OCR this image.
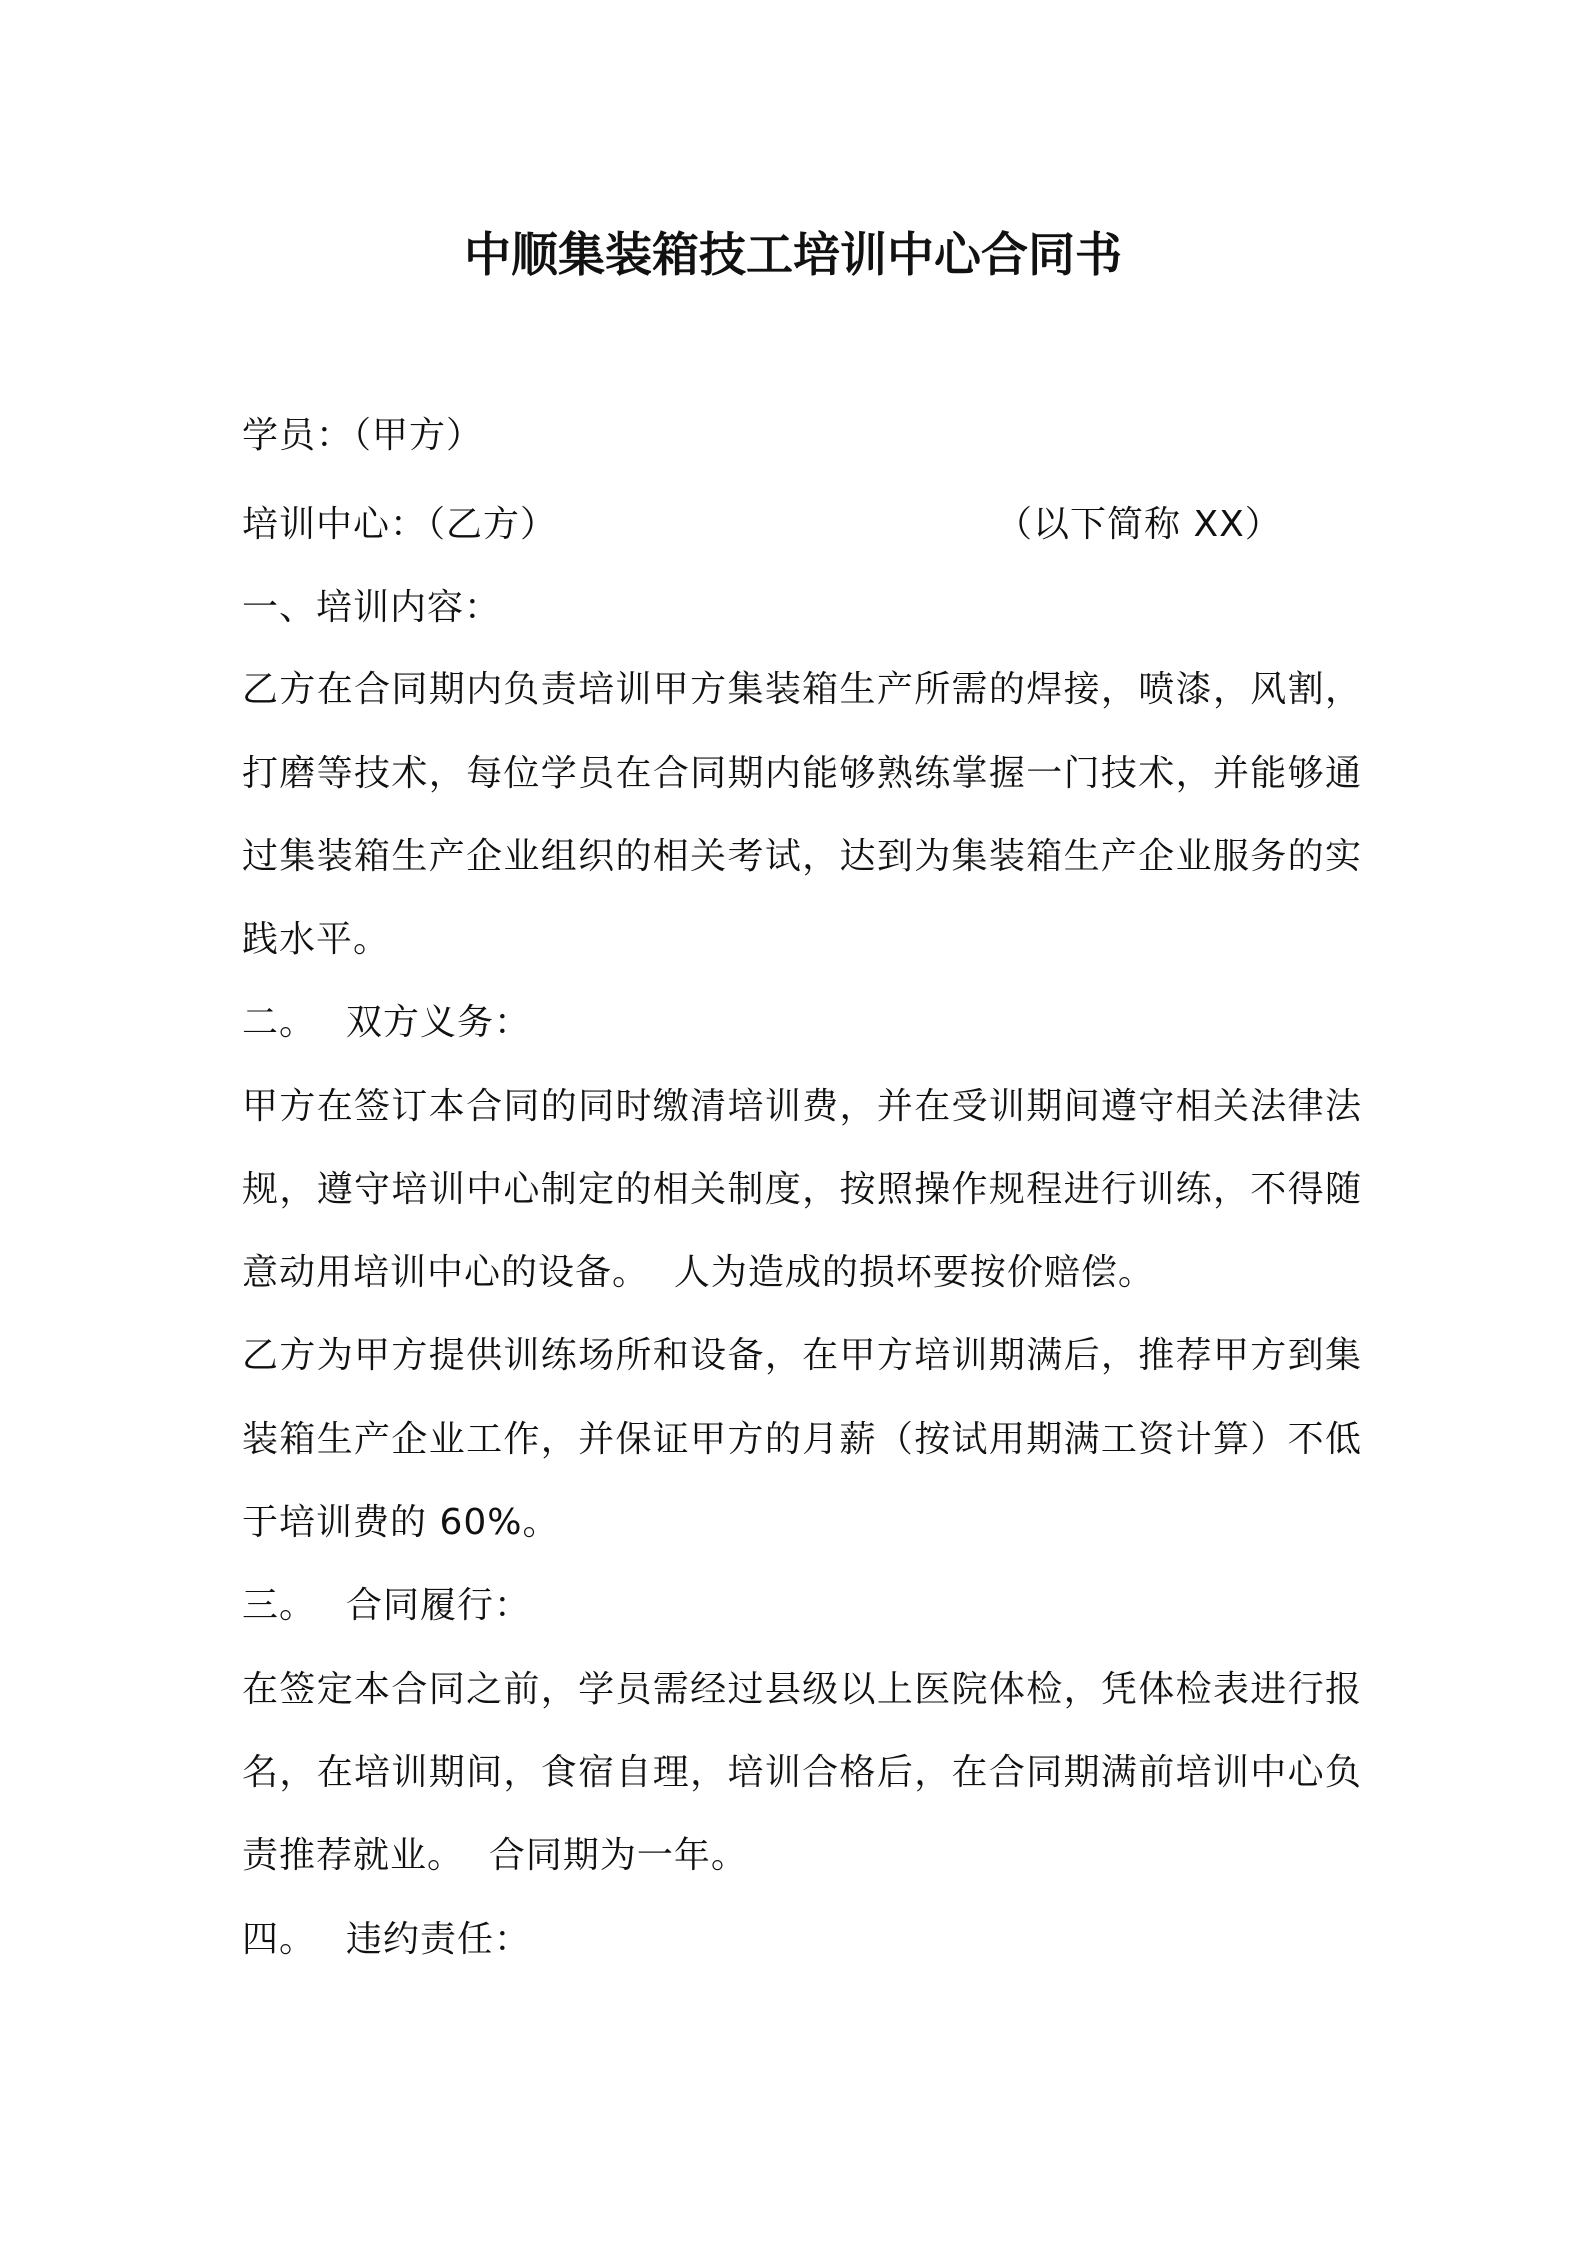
中顺集装箱技工培训中心合同书
学员：（甲方）
培训中心：（乙方）	（以下简称 XX）
一、培训内容：
乙方在合同期内负责培训甲方集装箱生产所需的焊接，喷漆，风割，
打磨等技术，每位学员在合同期内能够熟练掌握一门技术，并能够通
过集装箱生产企业组织的相关考试，达到为集装箱生产企业服务的实
践水平。
二。 双方义务：
甲方在签订本合同的同时缴清培训费，并在受训期间遵守相关法律法
规，遵守培训中心制定的相关制度，按照操作规程进行训练，不得随
意动用培训中心的设备。  人为造成的损坏要按价赔偿。
乙方为甲方提供训练场所和设备，在甲方培训期满后，推荐甲方到集
装箱生产企业工作，并保证甲方的月薪（按试用期满工资计算）不低
于培训费的 60%。
三。 合同履行：
在签定本合同之前，学员需经过县级以上医院体检，凭体检表进行报
名，在培训期间，食宿自理，培训合格后，在合同期满前培训中心负
责推荐就业。  合同期为一年。
四。 违约责任：
